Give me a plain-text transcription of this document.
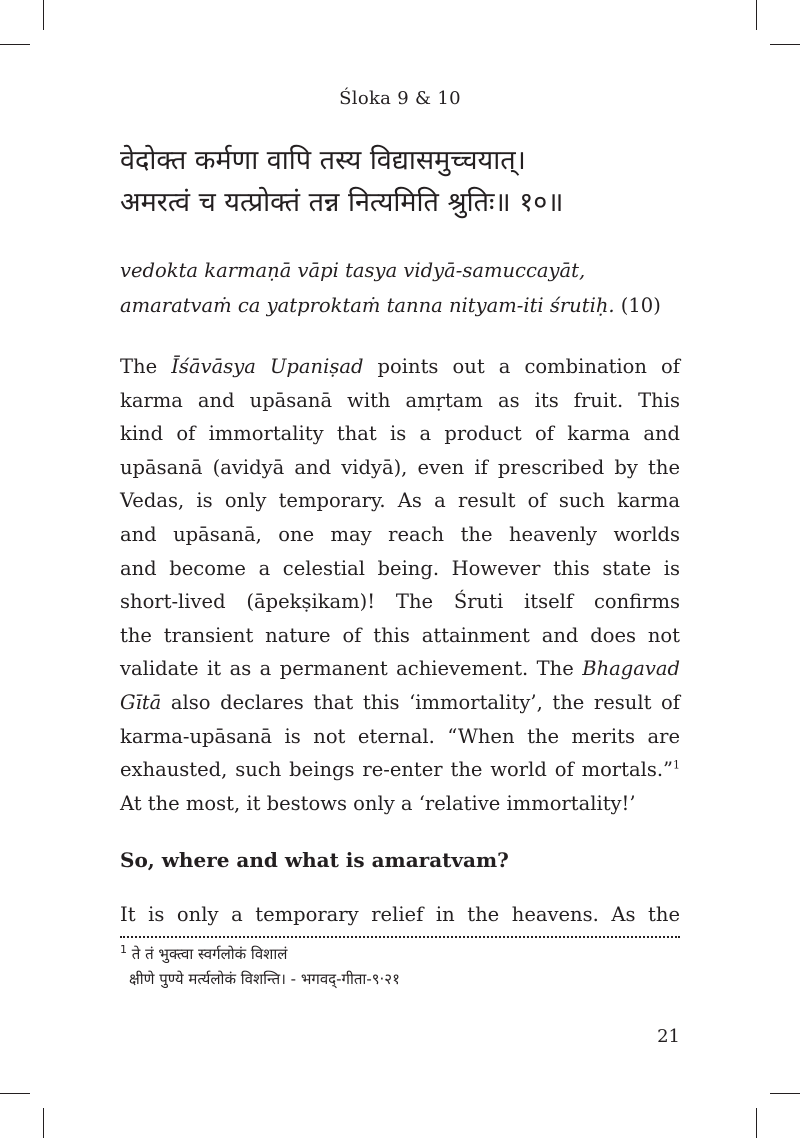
Śloka 9 & 10
वेदोक्त कर्मणा वापि तस्य विद्यासमुच्चयात्।
अमरत्वं च यत्प्रोक्तं तन्न नित्यमिति श्रुतिः॥ १०॥
vedokta karmaṇā vāpi tasya vidyā-samuccayāt,
amaratvaṁ ca yatproktaṁ tanna nityam-iti śrutiḥ. (10)
The Īśāvāsya Upaniṣad points out a combination of
karma and upāsanā with amṛtam as its fruit. This
kind of immortality that is a product of karma and
upāsanā (avidyā and vidyā), even if prescribed by the
Vedas, is only temporary. As a result of such karma
and upāsanā, one may reach the heavenly worlds
and become a celestial being. However this state is
short-lived (āpekṣikam)! The Śruti itself confirms
the transient nature of this attainment and does not
validate it as a permanent achievement. The Bhagavad
Gītā also declares that this ‘immortality’, the result of
karma-upāsanā is not eternal. “When the merits are
exhausted, such beings re-enter the world of mortals.”$^1$
At the most, it bestows only a ‘relative immortality!’
So, where and what is amaratvam?
It is only a temporary relief in the heavens. As the
$^1$ ते तं भुक्त्वा स्वर्गलोकं विशालं
क्षीणे पुण्ये मर्त्यलोकं विशन्ति। - भगवद्-गीता-९·२१
21
